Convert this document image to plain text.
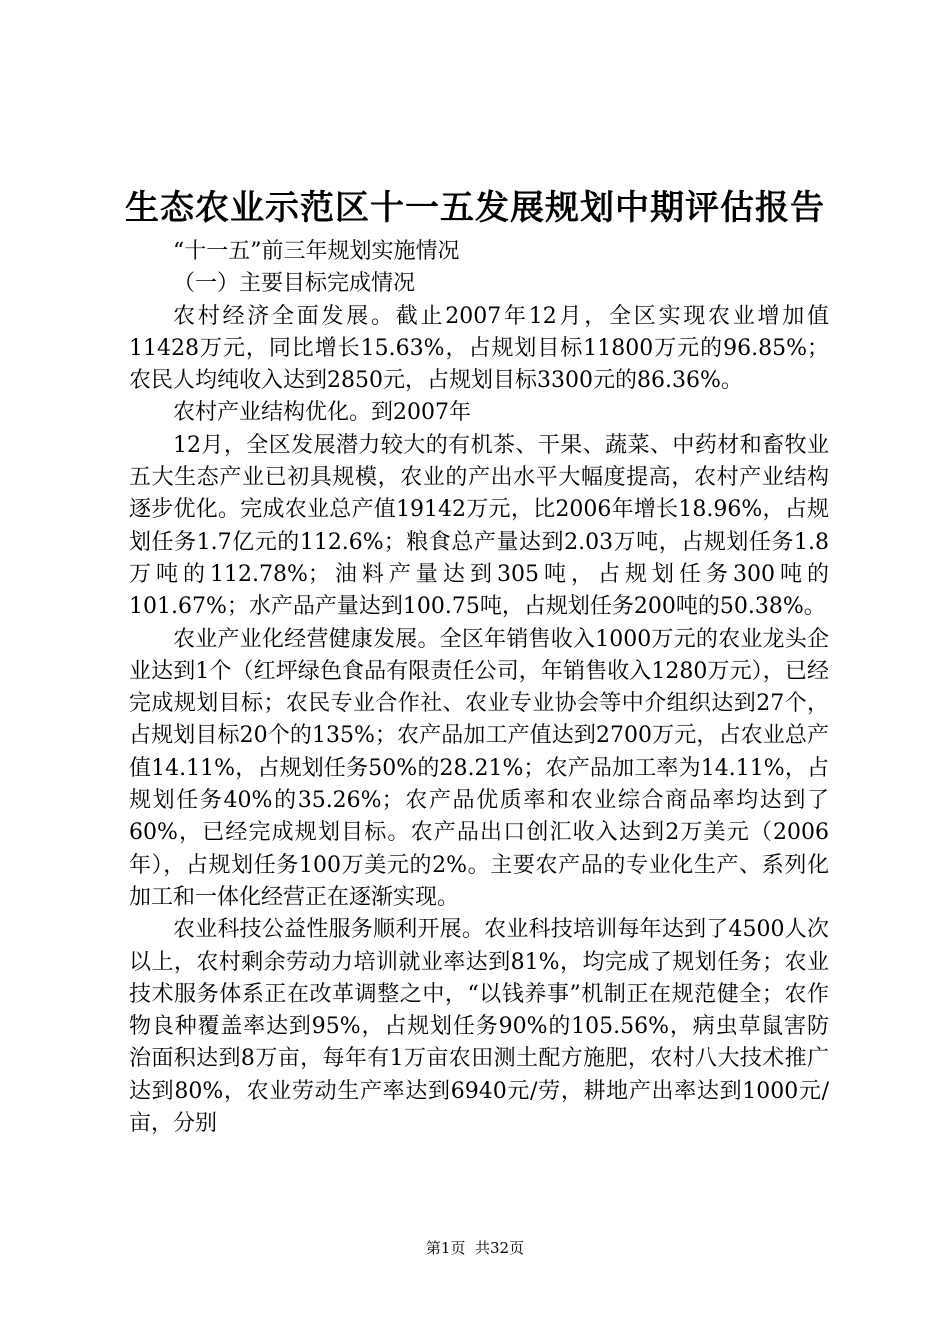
生态农业示范区十一五发展规划中期评估报告

“十一五”前三年规划实施情况

（一）主要目标完成情况

农村经济全面发展。截止2007年12月，全区实现农业增加值11428万元，同比增长15.63%，占规划目标11800万元的96.85%；农民人均纯收入达到2850元，占规划目标3300元的86.36%。

农村产业结构优化。到2007年

12月，全区发展潜力较大的有机茶、干果、蔬菜、中药材和畜牧业五大生态产业已初具规模，农业的产出水平大幅度提高，农村产业结构逐步优化。完成农业总产值19142万元，比2006年增长18.96%，占规划任务1.7亿元的112.6%；粮食总产量达到2.03万吨，占规划任务1.8万吨的112.78%；油料产量达到305吨，占规划任务300吨的101.67%；水产品产量达到100.75吨，占规划任务200吨的50.38%。

农业产业化经营健康发展。全区年销售收入1000万元的农业龙头企业达到1个（红坪绿色食品有限责任公司，年销售收入1280万元），已经完成规划目标；农民专业合作社、农业专业协会等中介组织达到27个，占规划目标20个的135%；农产品加工产值达到2700万元，占农业总产值14.11%，占规划任务50%的28.21%；农产品加工率为14.11%，占规划任务40%的35.26%；农产品优质率和农业综合商品率均达到了60%，已经完成规划目标。农产品出口创汇收入达到2万美元（2006年），占规划任务100万美元的2%。主要农产品的专业化生产、系列化加工和一体化经营正在逐渐实现。

农业科技公益性服务顺利开展。农业科技培训每年达到了4500人次以上，农村剩余劳动力培训就业率达到81%，均完成了规划任务；农业技术服务体系正在改革调整之中，“以钱养事”机制正在规范健全；农作物良种覆盖率达到95%，占规划任务90%的105.56%，病虫草鼠害防治面积达到8万亩，每年有1万亩农田测土配方施肥，农村八大技术推广达到80%，农业劳动生产率达到6940元/劳，耕地产出率达到1000元/亩，分别

第1页  共32页
